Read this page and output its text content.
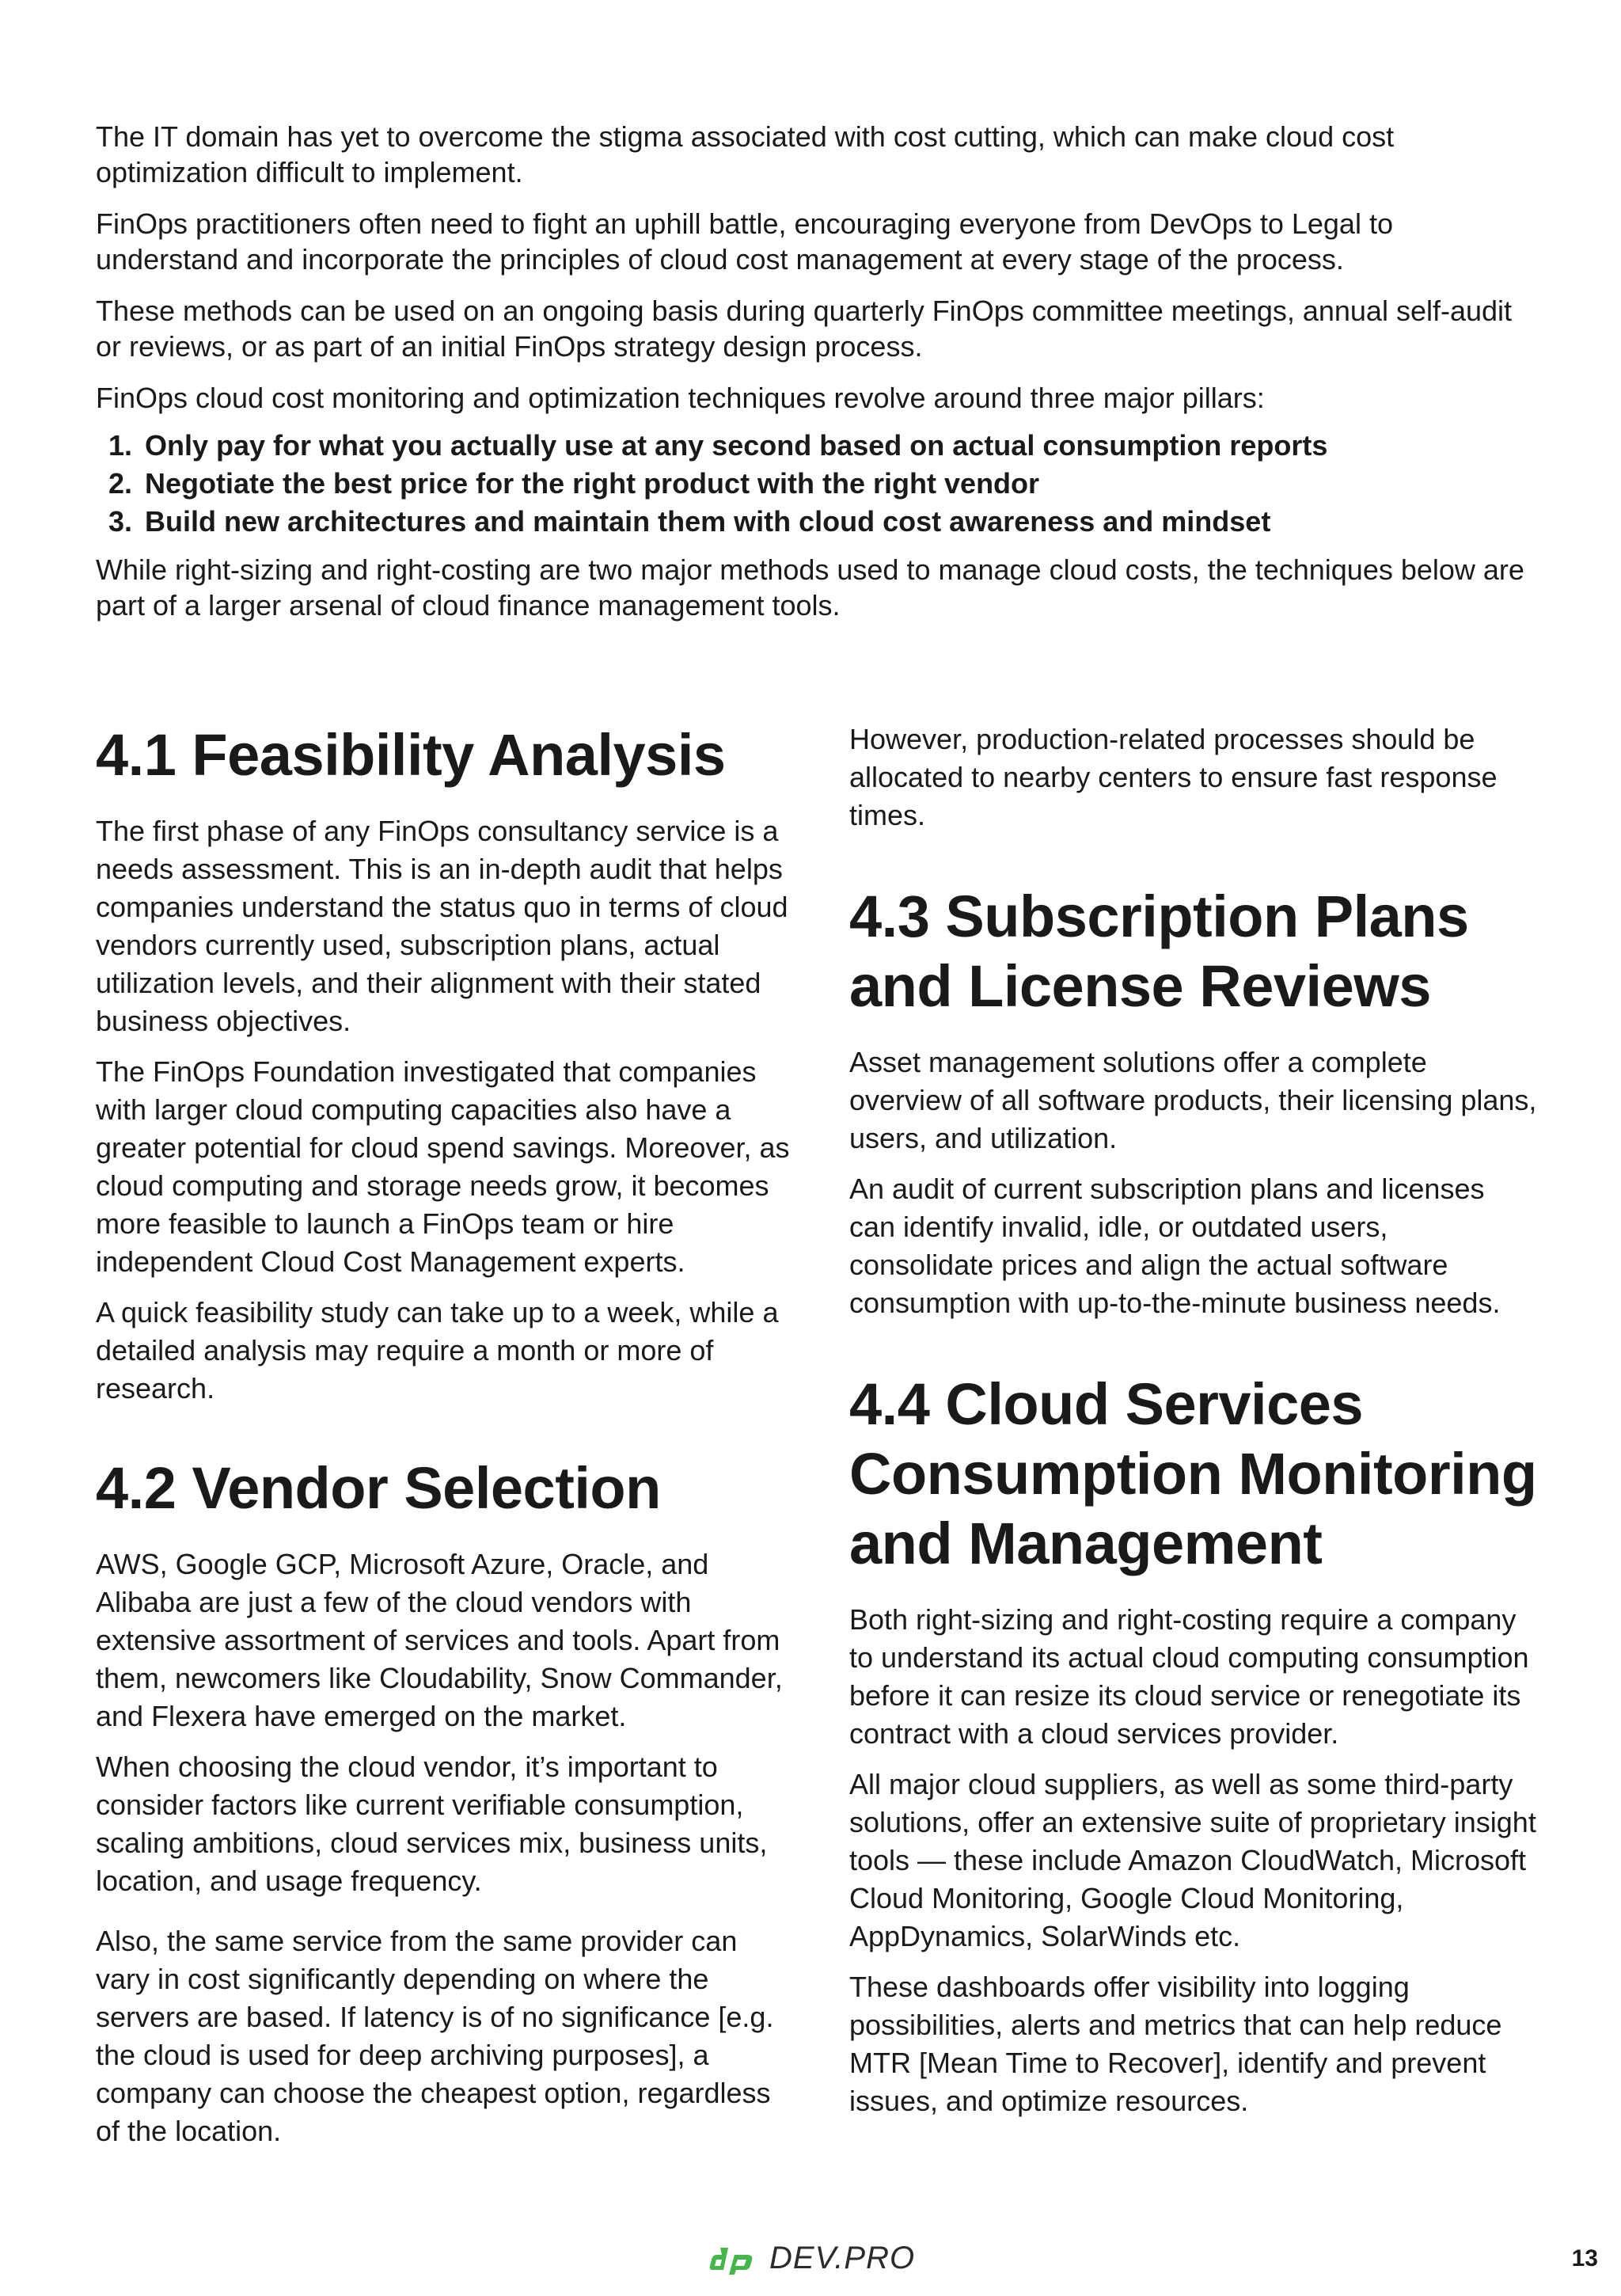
The IT domain has yet to overcome the stigma associated with cost cutting, which can make cloud cost optimization difficult to implement.

FinOps practitioners often need to fight an uphill battle, encouraging everyone from DevOps to Legal to understand and incorporate the principles of cloud cost management at every stage of the process.

These methods can be used on an ongoing basis during quarterly FinOps committee meetings, annual self-audit or reviews, or as part of an initial FinOps strategy design process.

FinOps cloud cost monitoring and optimization techniques revolve around three major pillars:

1. Only pay for what you actually use at any second based on actual consumption reports
2. Negotiate the best price for the right product with the right vendor
3. Build new architectures and maintain them with cloud cost awareness and mindset

While right-sizing and right-costing are two major methods used to manage cloud costs, the techniques below are part of a larger arsenal of cloud finance management tools.

4.1 Feasibility Analysis

The first phase of any FinOps consultancy service is a needs assessment. This is an in-depth audit that helps companies understand the status quo in terms of cloud vendors currently used, subscription plans, actual utilization levels, and their alignment with their stated business objectives.

The FinOps Foundation investigated that companies with larger cloud computing capacities also have a greater potential for cloud spend savings. Moreover, as cloud computing and storage needs grow, it becomes more feasible to launch a FinOps team or hire independent Cloud Cost Management experts.

A quick feasibility study can take up to a week, while a detailed analysis may require a month or more of research.

4.2 Vendor Selection

AWS, Google GCP, Microsoft Azure, Oracle, and Alibaba are just a few of the cloud vendors with extensive assortment of services and tools. Apart from them, newcomers like Cloudability, Snow Commander, and Flexera have emerged on the market.

When choosing the cloud vendor, it’s important to consider factors like current verifiable consumption, scaling ambitions, cloud services mix, business units, location, and usage frequency.

Also, the same service from the same provider can vary in cost significantly depending on where the servers are based. If latency is of no significance [e.g. the cloud is used for deep archiving purposes], a company can choose the cheapest option, regardless of the location.

However, production-related processes should be allocated to nearby centers to ensure fast response times.

4.3 Subscription Plans and License Reviews

Asset management solutions offer a complete overview of all software products, their licensing plans, users, and utilization.

An audit of current subscription plans and licenses can identify invalid, idle, or outdated users, consolidate prices and align the actual software consumption with up-to-the-minute business needs.

4.4 Cloud Services Consumption Monitoring and Management

Both right-sizing and right-costing require a company to understand its actual cloud computing consumption before it can resize its cloud service or renegotiate its contract with a cloud services provider.

All major cloud suppliers, as well as some third-party solutions, offer an extensive suite of proprietary insight tools — these include Amazon CloudWatch, Microsoft Cloud Monitoring, Google Cloud Monitoring, AppDynamics, SolarWinds etc.

These dashboards offer visibility into logging possibilities, alerts and metrics that can help reduce MTR [Mean Time to Recover], identify and prevent issues, and optimize resources.

DEV.PRO	13
